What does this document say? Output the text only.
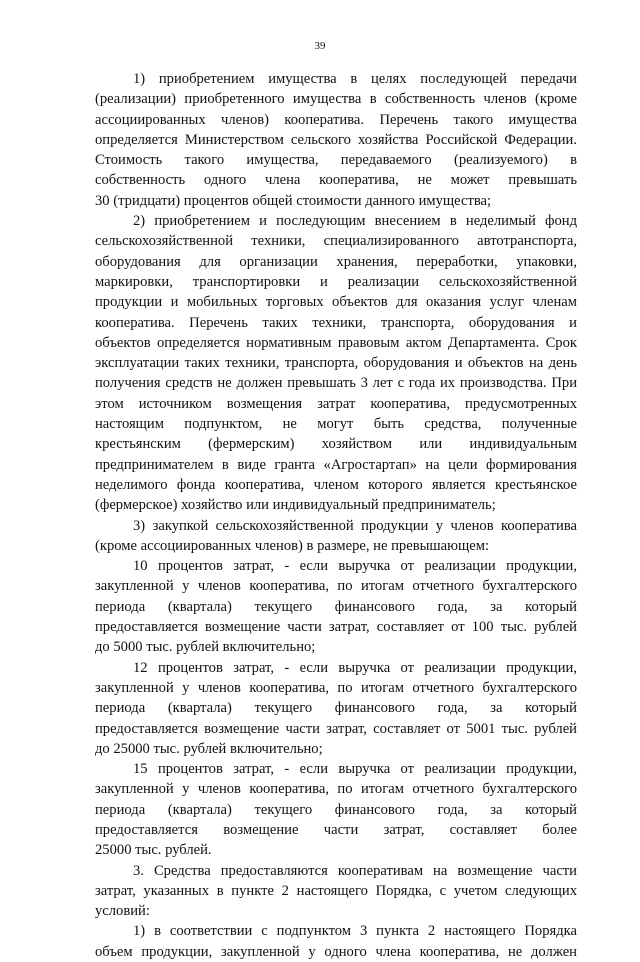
39
1) приобретением имущества в целях последующей передачи
(реализации) приобретенного имущества в собственность членов (кроме
ассоциированных членов) кооператива. Перечень такого имущества
определяется Министерством сельского хозяйства Российской Федерации.
Стоимость такого имущества, передаваемого (реализуемого) в
собственность одного члена кооператива, не может превышать
30 (тридцати) процентов общей стоимости данного имущества;
2) приобретением и последующим внесением в неделимый фонд
сельскохозяйственной техники, специализированного автотранспорта,
оборудования для организации хранения, переработки, упаковки,
маркировки, транспортировки и реализации сельскохозяйственной
продукции и мобильных торговых объектов для оказания услуг членам
кооператива. Перечень таких техники, транспорта, оборудования и
объектов определяется нормативным правовым актом Департамента. Срок
эксплуатации таких техники, транспорта, оборудования и объектов на день
получения средств не должен превышать 3 лет с года их производства. При
этом источником возмещения затрат кооператива, предусмотренных
настоящим подпунктом, не могут быть средства, полученные
крестьянским (фермерским) хозяйством или индивидуальным
предпринимателем в виде гранта «Агростартап» на цели формирования
неделимого фонда кооператива, членом которого является крестьянское
(фермерское) хозяйство или индивидуальный предприниматель;
3) закупкой сельскохозяйственной продукции у членов кооператива
(кроме ассоциированных членов) в размере, не превышающем:
10 процентов затрат, - если выручка от реализации продукции,
закупленной у членов кооператива, по итогам отчетного бухгалтерского
периода (квартала) текущего финансового года, за который
предоставляется возмещение части затрат, составляет от 100 тыс. рублей
до 5000 тыс. рублей включительно;
12 процентов затрат, - если выручка от реализации продукции,
закупленной у членов кооператива, по итогам отчетного бухгалтерского
периода (квартала) текущего финансового года, за который
предоставляется возмещение части затрат, составляет от 5001 тыс. рублей
до 25000 тыс. рублей включительно;
15 процентов затрат, - если выручка от реализации продукции,
закупленной у членов кооператива, по итогам отчетного бухгалтерского
периода (квартала) текущего финансового года, за который
предоставляется возмещение части затрат, составляет более
25000 тыс. рублей.
3. Средства предоставляются кооперативам на возмещение части
затрат, указанных в пункте 2 настоящего Порядка, с учетом следующих
условий:
1) в соответствии с подпунктом 3 пункта 2 настоящего Порядка
объем продукции, закупленной у одного члена кооператива, не должен
